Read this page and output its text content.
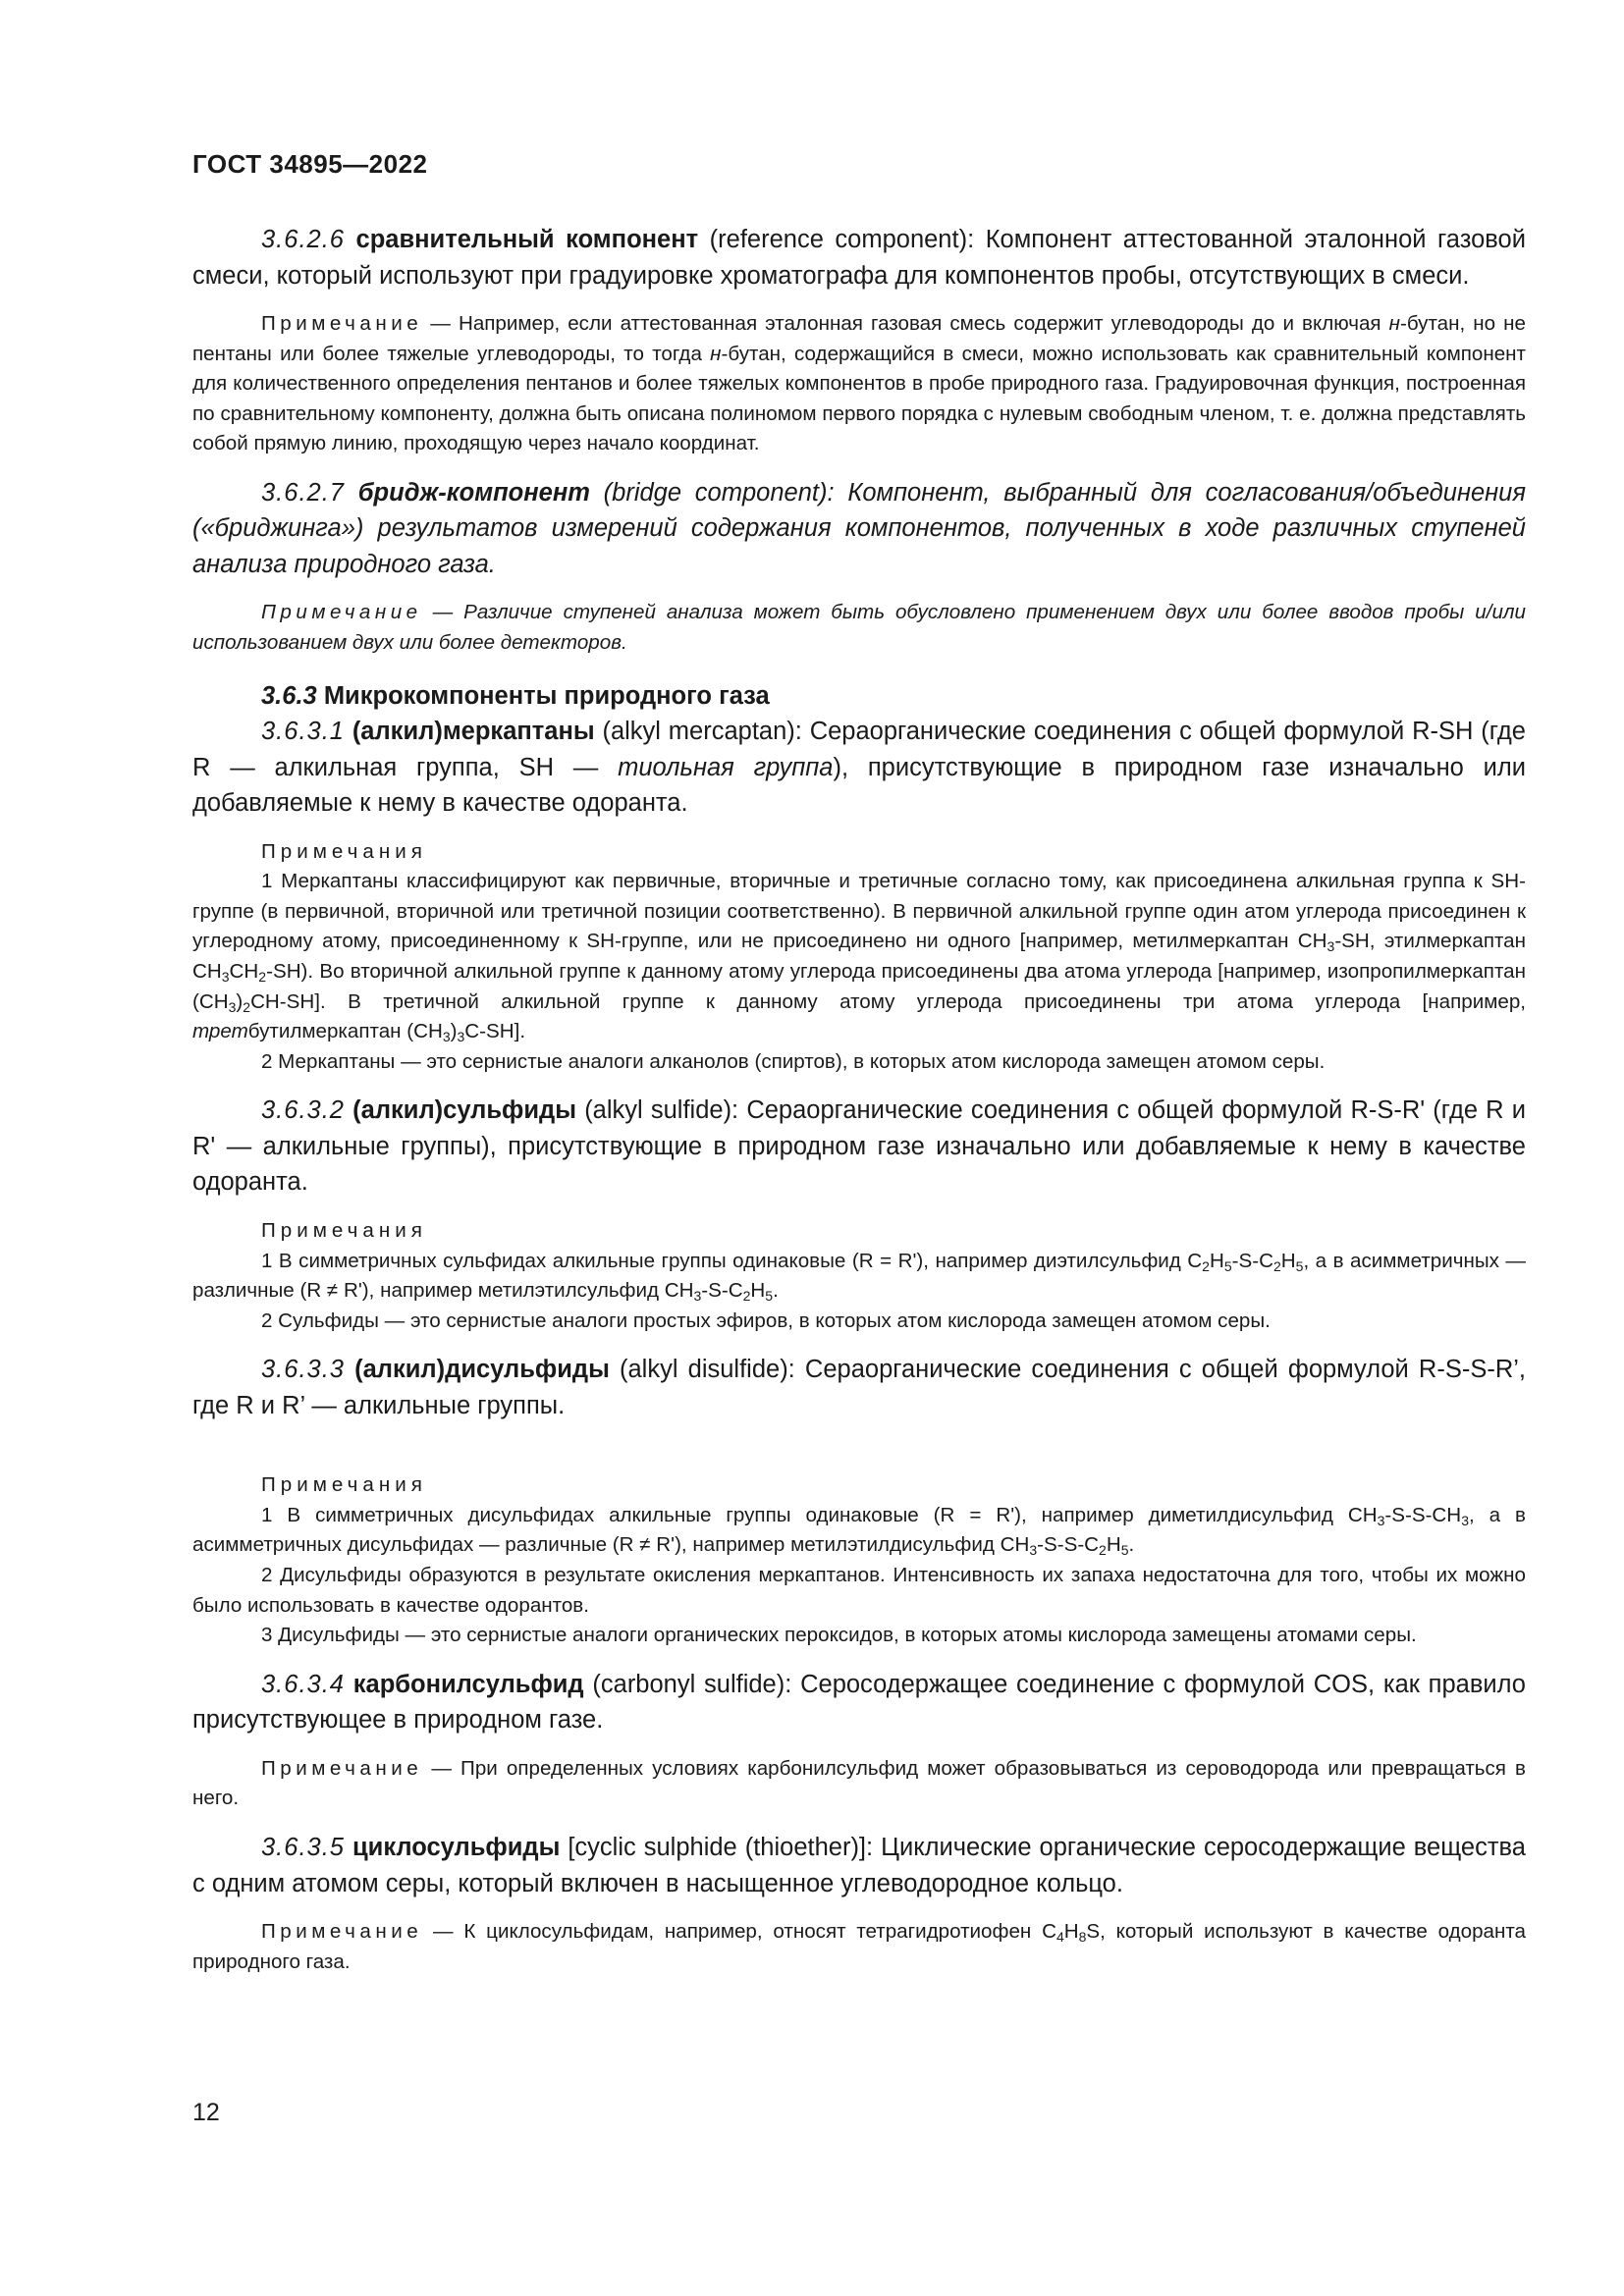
ГОСТ 34895—2022

3.6.2.6 сравнительный компонент (reference component): Компонент аттестованной эталонной газовой смеси, который используют при градуировке хроматографа для компонентов пробы, отсутствующих в смеси.

Примечание — Например, если аттестованная эталонная газовая смесь содержит углеводороды до и включая н-бутан, но не пентаны или более тяжелые углеводороды, то тогда н-бутан, содержащийся в смеси, можно использовать как сравнительный компонент для количественного определения пентанов и более тяжелых компонентов в пробе природного газа. Градуировочная функция, построенная по сравнительному компоненту, должна быть описана полиномом первого порядка с нулевым свободным членом, т. е. должна представлять собой прямую линию, проходящую через начало координат.

3.6.2.7 бридж-компонент (bridge component): Компонент, выбранный для согласования/объединения («бриджинга») результатов измерений содержания компонентов, полученных в ходе различных ступеней анализа природного газа.

Примечание — Различие ступеней анализа может быть обусловлено применением двух или более вводов пробы и/или использованием двух или более детекторов.

3.6.3 Микрокомпоненты природного газа

3.6.3.1 (алкил)меркаптаны (alkyl mercaptan): Сераорганические соединения с общей формулой R-SH (где R — алкильная группа, SH — тиольная группа), присутствующие в природном газе изначально или добавляемые к нему в качестве одоранта.

Примечания

1 Меркаптаны классифицируют как первичные, вторичные и третичные согласно тому, как присоединена алкильная группа к SH-группе (в первичной, вторичной или третичной позиции соответственно). В первичной алкильной группе один атом углерода присоединен к углеродному атому, присоединенному к SH-группе, или не присоединено ни одного [например, метилмеркаптан $CH_3-SH$, этилмеркаптан $CH_3CH_2-SH$). Во вторичной алкильной группе к данному атому углерода присоединены два атома углерода [например, изопропилмеркаптан $(CH_3)_2CH-SH$]. В третичной алкильной группе к данному атому углерода присоединены три атома углерода [например, третбутилмеркаптан $(CH_3)_3C-SH$].

2 Меркаптаны — это сернистые аналоги алканолов (спиртов), в которых атом кислорода замещен атомом серы.

3.6.3.2 (алкил)сульфиды (alkyl sulfide): Сераорганические соединения с общей формулой R-S-R' (где R и R' — алкильные группы), присутствующие в природном газе изначально или добавляемые к нему в качестве одоранта.

Примечания

1 В симметричных сульфидах алкильные группы одинаковые (R = R'), например диэтилсульфид $C_2H_5-S-C_2H_5$, а в асимметричных — различные (R ≠ R'), например метилэтилсульфид $CH_3-S-C_2H_5$.

2 Сульфиды — это сернистые аналоги простых эфиров, в которых атом кислорода замещен атомом серы.

3.6.3.3 (алкил)дисульфиды (alkyl disulfide): Сераорганические соединения с общей формулой R-S-S-R’, где R и R’ — алкильные группы.

Примечания

1 В симметричных дисульфидах алкильные группы одинаковые (R = R'), например диметилдисульфид $CH_3-S-S-CH_3$, а в асимметричных дисульфидах — различные (R ≠ R'), например метилэтилдисульфид $CH_3-S-S-C_2H_5$.

2 Дисульфиды образуются в результате окисления меркаптанов. Интенсивность их запаха недостаточна для того, чтобы их можно было использовать в качестве одорантов.

3 Дисульфиды — это сернистые аналоги органических пероксидов, в которых атомы кислорода замещены атомами серы.

3.6.3.4 карбонилсульфид (carbonyl sulfide): Серосодержащее соединение с формулой COS, как правило присутствующее в природном газе.

Примечание — При определенных условиях карбонилсульфид может образовываться из сероводорода или превращаться в него.

3.6.3.5 циклосульфиды [cyclic sulphide (thioether)]: Циклические органические серосодержащие вещества с одним атомом серы, который включен в насыщенное углеводородное кольцо.

Примечание — К циклосульфидам, например, относят тетрагидротиофен $C_4H_8S$, который используют в качестве одоранта природного газа.

12
